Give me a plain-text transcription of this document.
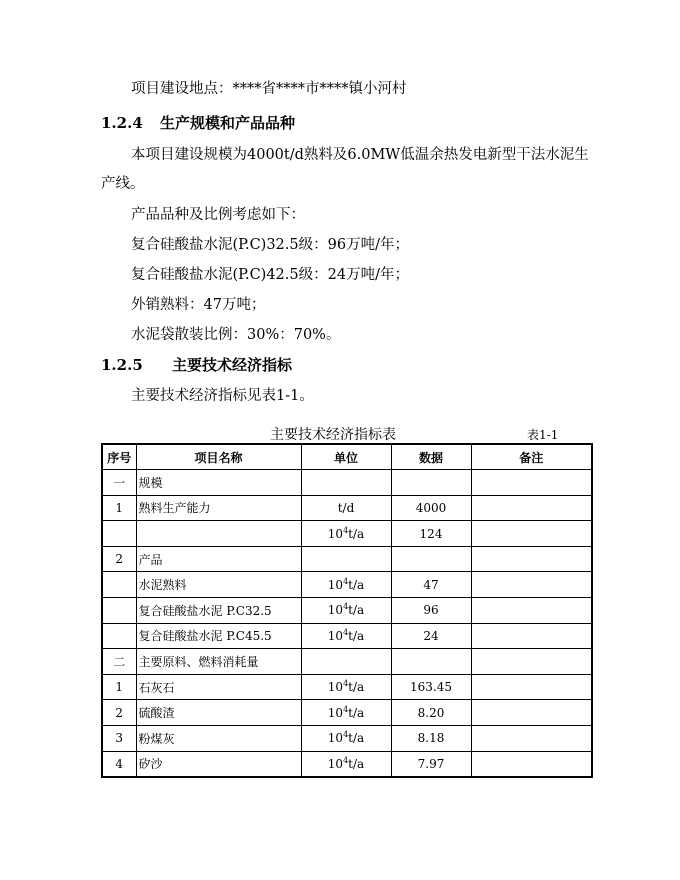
项目建设地点：****省****市****镇小河村
1.2.4 生产规模和产品品种
本项目建设规模为4000t/d熟料及6.0MW低温余热发电新型干法水泥生
产线。
产品品种及比例考虑如下：
复合硅酸盐水泥(P.C)32.5级：96万吨/年；
复合硅酸盐水泥(P.C)42.5级：24万吨/年；
外销熟料：47万吨；
水泥袋散装比例：30%：70%。
1.2.5 主要技术经济指标
主要技术经济指标见表1-1。
主要技术经济指标表	表1-1
序号	项目名称	单位	数据	备注
一	规模			
1	熟料生产能力	t/d	4000	
		$10^4t/a$	124	
2	产品			
	水泥熟料	$10^4t/a$	47	
	复合硅酸盐水泥 P.C32.5	$10^4t/a$	96	
	复合硅酸盐水泥 P.C45.5	$10^4t/a$	24	
二	主要原料、燃料消耗量			
1	石灰石	$10^4t/a$	163.45	
2	硫酸渣	$10^4t/a$	8.20	
3	粉煤灰	$10^4t/a$	8.18	
4	矽沙	$10^4t/a$	7.97	
